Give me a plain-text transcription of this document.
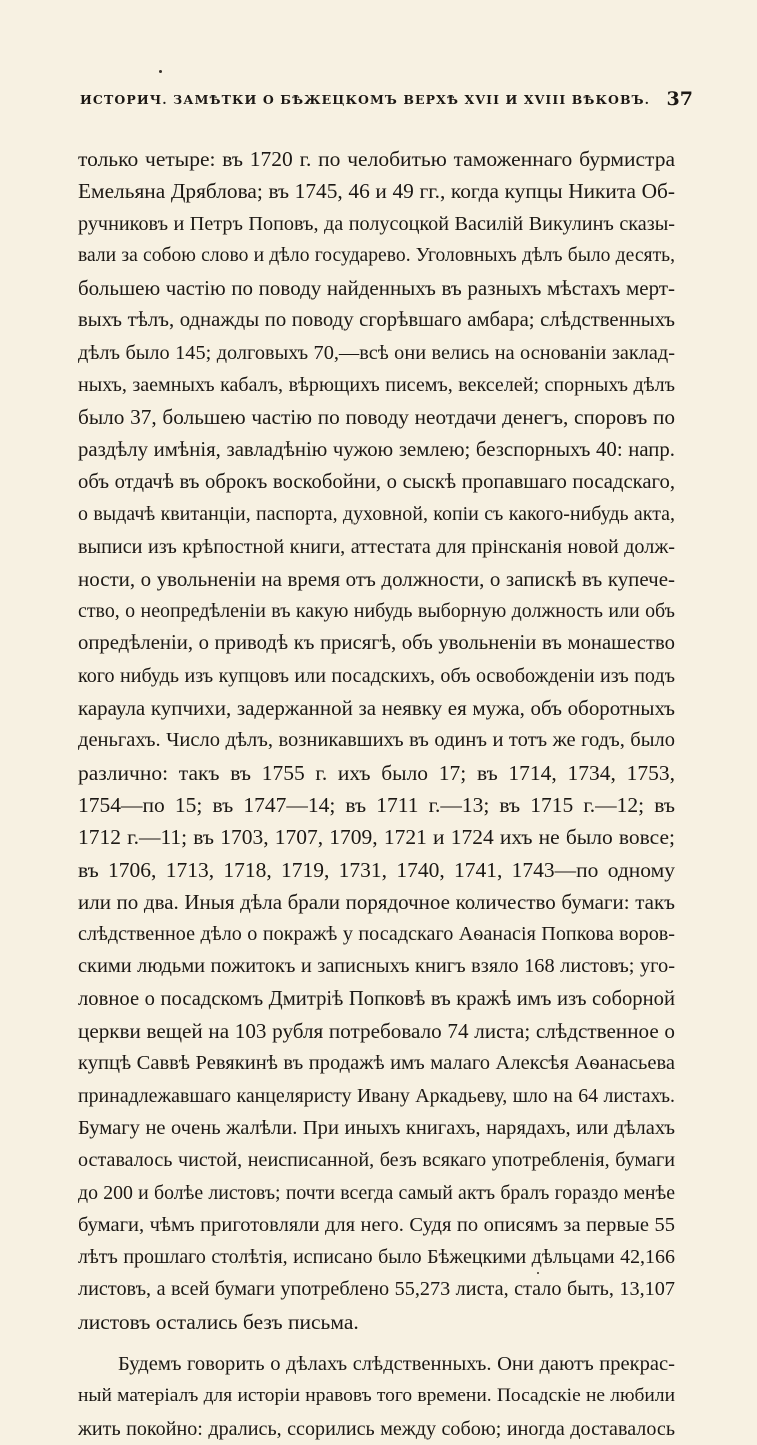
ИСТОРИЧ. ЗАМѢТКИ О БѢЖЕЦКОМЪ ВЕРХѢ XVII И XVIII ВѢКОВЪ. 37
только четыре: въ 1720 г. по челобитью таможеннаго бурмистра
Емельяна Дряблова; въ 1745, 46 и 49 гг., когда купцы Никита Об-
ручниковъ и Петръ Поповъ, да полусоцкой Василій Викулинъ сказы-
вали за собою слово и дѣло государево. Уголовныхъ дѣлъ было десять,
большею частію по поводу найденныхъ въ разныхъ мѣстахъ мерт-
выхъ тѣлъ, однажды по поводу сгорѣвшаго амбара; слѣдственныхъ
дѣлъ было 145; долговыхъ 70,—всѣ они велись на основаніи заклад-
ныхъ, заемныхъ кабалъ, вѣрющихъ писемъ, векселей; спорныхъ дѣлъ
было 37, большею частію по поводу неотдачи денегъ, споровъ по
раздѣлу имѣнія, завладѣнію чужою землею; безспорныхъ 40: напр.
объ отдачѣ въ оброкъ воскобойни, о сыскѣ пропавшаго посадскаго,
о выдачѣ квитанціи, паспорта, духовной, копіи съ какого-нибудь акта,
выписи изъ крѣпостной книги, аттестата для прінсканія новой долж-
ности, о увольненіи на время отъ должности, о запискѣ въ купече-
ство, о неопредѣленіи въ какую нибудь выборную должность или объ
опредѣленіи, о приводѣ къ присягѣ, объ увольненіи въ монашество
кого нибудь изъ купцовъ или посадскихъ, объ освобожденіи изъ подъ
караула купчихи, задержанной за неявку ея мужа, объ оборотныхъ
деньгахъ. Число дѣлъ, возникавшихъ въ одинъ и тотъ же годъ, было
различно: такъ въ 1755 г. ихъ было 17; въ 1714, 1734, 1753,
1754—по 15; въ 1747—14; въ 1711 г.—13; въ 1715 г.—12; въ
1712 г.—11; въ 1703, 1707, 1709, 1721 и 1724 ихъ не было вовсе;
въ 1706, 1713, 1718, 1719, 1731, 1740, 1741, 1743—по одному
или по два. Иныя дѣла брали порядочное количество бумаги: такъ
слѣдственное дѣло о покражѣ у посадскаго Аѳанасія Попкова воров-
скими людьми пожитокъ и записныхъ книгъ взяло 168 листовъ; уго-
ловное о посадскомъ Дмитріѣ Попковѣ въ кражѣ имъ изъ соборной
церкви вещей на 103 рубля потребовало 74 листа; слѣдственное о
купцѣ Саввѣ Ревякинѣ въ продажѣ имъ малаго Алексѣя Аѳанасьева
принадлежавшаго канцеляристу Ивану Аркадьеву, шло на 64 листахъ.
Бумагу не очень жалѣли. При иныхъ книгахъ, нарядахъ, или дѣлахъ
оставалось чистой, неисписанной, безъ всякаго употребленія, бумаги
до 200 и болѣе листовъ; почти всегда самый актъ бралъ гораздо менѣе
бумаги, чѣмъ приготовляли для него. Судя по описямъ за первые 55
лѣтъ прошлаго столѣтія, исписано было Бѣжецкими дѣльцами 42,166
листовъ, а всей бумаги употреблено 55,273 листа, стало быть, 13,107
листовъ остались безъ письма.
Будемъ говорить о дѣлахъ слѣдственныхъ. Они даютъ прекрас-
ный матеріалъ для исторіи нравовъ того времени. Посадскіе не любили
жить покойно: дрались, ссорились между собою; иногда доставалось
